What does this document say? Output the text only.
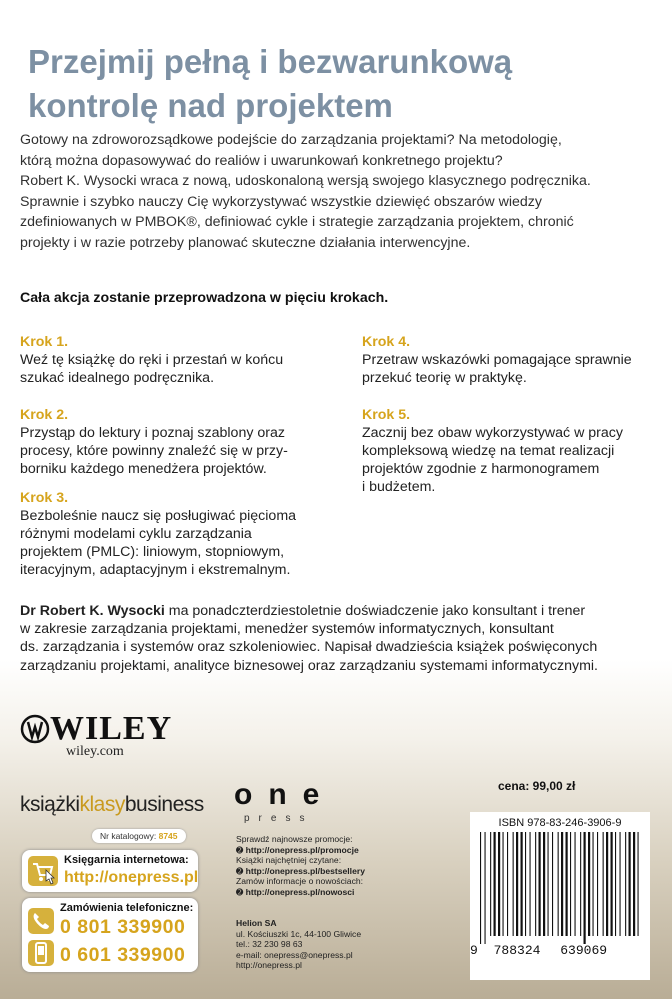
Przejmij pełną i bezwarunkową
kontrolę nad projektem
Gotowy na zdroworozsądkowe podejście do zarządzania projektami? Na metodologię,
którą można dopasowywać do realiów i uwarunkowań konkretnego projektu?
Robert K. Wysocki wraca z nową, udoskonaloną wersją swojego klasycznego podręcznika.
Sprawnie i szybko nauczy Cię wykorzystywać wszystkie dziewięć obszarów wiedzy
zdefiniowanych w PMBOK®, definiować cykle i strategie zarządzania projektem, chronić
projekty i w razie potrzeby planować skuteczne działania interwencyjne.
Cała akcja zostanie przeprowadzona w pięciu krokach.
Krok 1.
Weź tę książkę do ręki i przestań w końcu
szukać idealnego podręcznika.
Krok 2.
Przystąp do lektury i poznaj szablony oraz
procesy, które powinny znaleźć się w przy-
borniku każdego menedżera projektów.
Krok 3.
Bezboleśnie naucz się posługiwać pięcioma
różnymi modelami cyklu zarządzania
projektem (PMLC): liniowym, stopniowym,
iteracyjnym, adaptacyjnym i ekstremalnym.
Krok 4.
Przetraw wskazówki pomagające sprawnie
przekuć teorię w praktykę.
Krok 5.
Zacznij bez obaw wykorzystywać w pracy
kompleksową wiedzę na temat realizacji
projektów zgodnie z harmonogramem
i budżetem.
Dr Robert K. Wysocki ma ponadczterdziestoletnie doświadczenie jako konsultant i trener
w zakresie zarządzania projektami, menedżer systemów informatycznych, konsultant
ds. zarządzania i systemów oraz szkoleniowiec. Napisał dwadzieścia książek poświęconych
zarządzaniu projektami, analityce biznesowej oraz zarządzaniu systemami informatycznymi.
WILEY
wiley.com
książkiklasybusiness
Nr katalogowy: 8745
Księgarnia internetowa:
http://onepress.pl
Zamówienia telefoniczne:
0 801 339900
0 601 339900
one
press
Sprawdź najnowsze promocje:
➋ http://onepress.pl/promocje
Książki najchętniej czytane:
➋ http://onepress.pl/bestsellery
Zamów informacje o nowościach:
➋ http://onepress.pl/nowosci
Helion SA
ul. Kościuszki 1c, 44-100 Gliwice
tel.: 32 230 98 63
e-mail: onepress@onepress.pl
http://onepress.pl
cena: 99,00 zł
ISBN 978-83-246-3906-9
9 788324 639069
